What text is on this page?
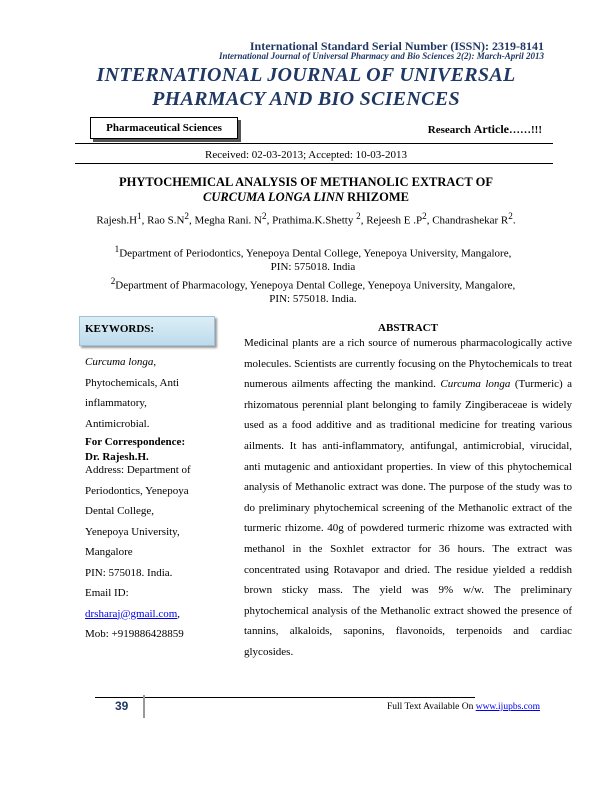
International Standard Serial Number (ISSN): 2319-8141
International Journal of Universal Pharmacy and Bio Sciences 2(2): March-April 2013
INTERNATIONAL JOURNAL OF UNIVERSAL PHARMACY AND BIO SCIENCES
Pharmaceutical Sciences	Research Article……!!!
Received: 02-03-2013; Accepted: 10-03-2013
PHYTOCHEMICAL ANALYSIS OF METHANOLIC EXTRACT OF
CURCUMA LONGA LINN RHIZOME
$Rajesh.H^1$, Rao $S.N^2$, Megha Rani. $N^2$, Prathima.K.Shetty $^2$, Rejeesh E $.P^2$, Chandrashekar $R^2$.
$^1$Department of Periodontics, Yenepoya Dental College, Yenepoya University, Mangalore,
PIN: 575018. India
$^2$Department of Pharmacology, Yenepoya Dental College, Yenepoya University, Mangalore,
PIN: 575018. India.
KEYWORDS:
Curcuma longa,
Phytochemicals, Anti
inflammatory,
Antimicrobial.
For Correspondence:
Dr. Rajesh.H.
Address: Department of
Periodontics, Yenepoya
Dental College,
Yenepoya University,
Mangalore
PIN: 575018. India.
Email ID:
drsharaj@gmail.com,
Mob: +919886428859
ABSTRACT
Medicinal plants are a rich source of numerous pharmacologically active molecules. Scientists are currently focusing on the Phytochemicals to treat numerous ailments affecting the mankind. Curcuma longa (Turmeric) a rhizomatous perennial plant belonging to family Zingiberaceae is widely used as a food additive and as traditional medicine for treating various ailments. It has anti-inflammatory, antifungal, antimicrobial, virucidal, anti mutagenic and antioxidant properties. In view of this phytochemical analysis of Methanolic extract was done. The purpose of the study was to do preliminary phytochemical screening of the Methanolic extract of the turmeric rhizome. 40g of powdered turmeric rhizome was extracted with methanol in the Soxhlet extractor for 36 hours. The extract was concentrated using Rotavapor and dried. The residue yielded a reddish brown sticky mass. The yield was 9% w/w. The preliminary phytochemical analysis of the Methanolic extract showed the presence of tannins, alkaloids, saponins, flavonoids, terpenoids and cardiac glycosides.
39	Full Text Available On www.ijupbs.com
